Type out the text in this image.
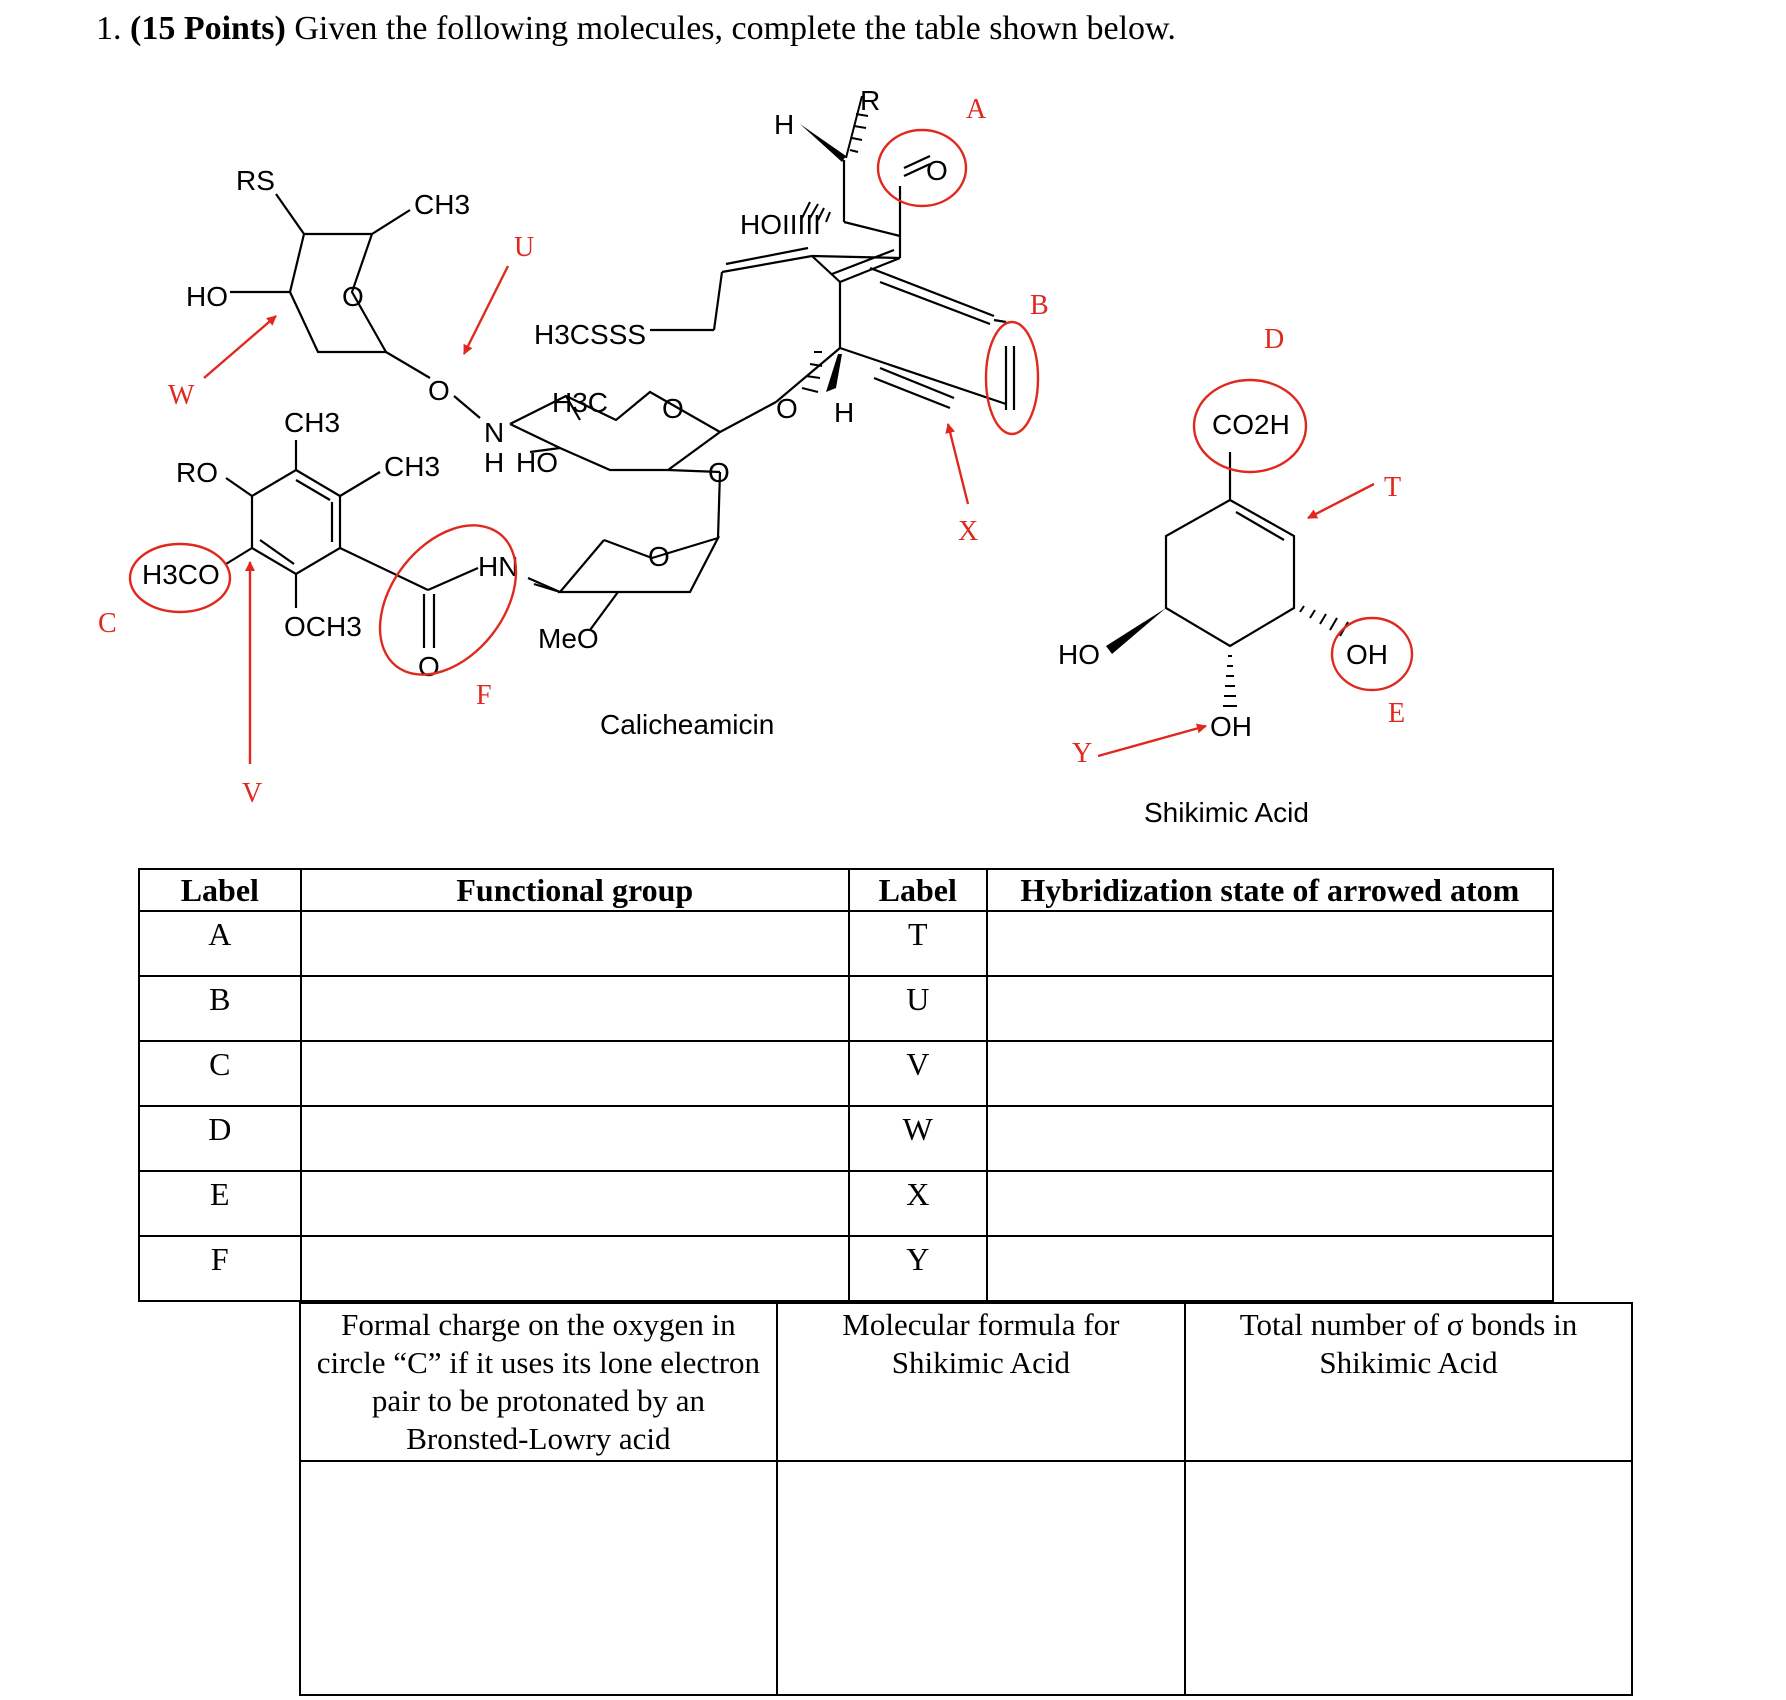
1. (15 Points) Given the following molecules, complete the table shown below.
RS
CH3
HO	O
O
U
H3CSSS
HOIIIII
H
R
O
A
B
W
CH3
RO	CH3
N
H HO
H3C O	O H
O
H3CO
X
HN	O
OCH3
O
MeO
C
V
F
Calicheamicin
D
CO2H
T
HO	OH
OH
Y
E
Shikimic Acid
Label	Functional group	Label	Hybridization state of arrowed atom
A		T	
B		U	
C		V	
D		W	
E		X	
F		Y	
Formal charge on the oxygen in circle “C” if it uses its lone electron pair to be protonated by an Bronsted-Lowry acid	Molecular formula for Shikimic Acid	Total number of σ bonds in Shikimic Acid
